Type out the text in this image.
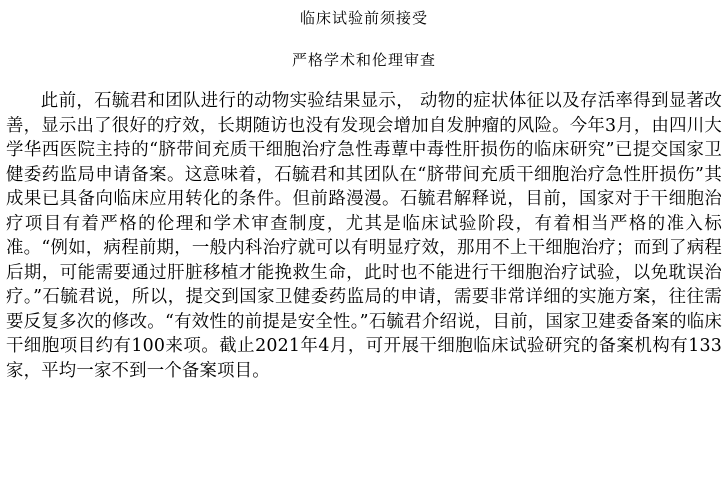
临床试验前须接受

严格学术和伦理审查

此前，石毓君和团队进行的动物实验结果显示， 动物的症状体征以及存活率得到显著改善，显示出了很好的疗效，长期随访也没有发现会增加自发肿瘤的风险。今年3月，由四川大学华西医院主持的“脐带间充质干细胞治疗急性毒蕈中毒性肝损伤的临床研究”已提交国家卫健委药监局申请备案。这意味着，石毓君和其团队在“脐带间充质干细胞治疗急性肝损伤”其成果已具备向临床应用转化的条件。但前路漫漫。石毓君解释说，目前，国家对于干细胞治疗项目有着严格的伦理和学术审查制度，尤其是临床试验阶段，有着相当严格的准入标准。“例如，病程前期，一般内科治疗就可以有明显疗效，那用不上干细胞治疗；而到了病程后期，可能需要通过肝脏移植才能挽救生命，此时也不能进行干细胞治疗试验，以免耽误治疗。”石毓君说，所以，提交到国家卫健委药监局的申请，需要非常详细的实施方案，往往需要反复多次的修改。“有效性的前提是安全性。”石毓君介绍说，目前，国家卫建委备案的临床干细胞项目约有100来项。截止2021年4月，可开展干细胞临床试验研究的备案机构有133家，平均一家不到一个备案项目。
